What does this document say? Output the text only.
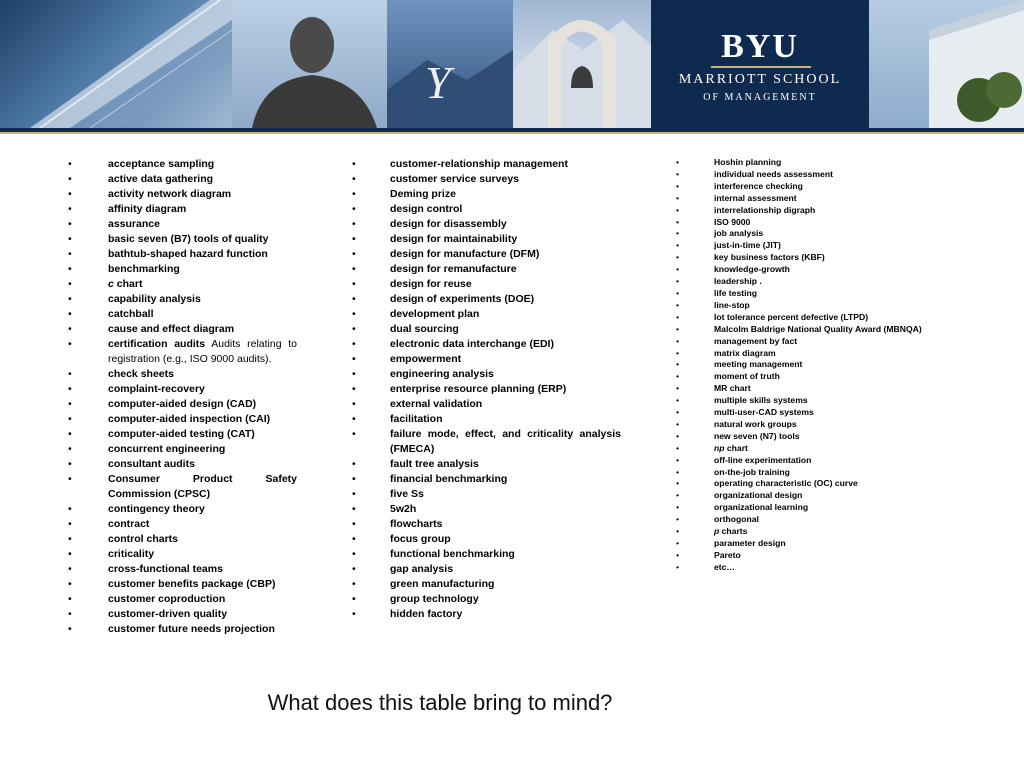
Y
BYU
MARRIOTT SCHOOL
OF MANAGEMENT
• acceptance sampling
• active data gathering
• activity network diagram
• affinity diagram
• assurance
• basic seven (B7) tools of quality
• bathtub-shaped hazard function
• benchmarking
• c chart
• capability analysis
• catchball
• cause and effect diagram
• certification audits Audits relating to registration (e.g., ISO 9000 audits).
• check sheets
• complaint-recovery
• computer-aided design (CAD)
• computer-aided inspection (CAI)
• computer-aided testing (CAT)
• concurrent engineering
• consultant audits
• Consumer Product Safety Commission (CPSC)
• contingency theory
• contract
• control charts
• criticality
• cross-functional teams
• customer benefits package (CBP)
• customer coproduction
• customer-driven quality
• customer future needs projection
• customer-relationship management
• customer service surveys
• Deming prize
• design control
• design for disassembly
• design for maintainability
• design for manufacture (DFM)
• design for remanufacture
• design for reuse
• design of experiments (DOE)
• development plan
• dual sourcing
• electronic data interchange (EDI)
• empowerment
• engineering analysis
• enterprise resource planning (ERP)
• external validation
• facilitation
• failure mode, effect, and criticality analysis (FMECA)
• fault tree analysis
• financial benchmarking
• five Ss
• 5w2h
• flowcharts
• focus group
• functional benchmarking
• gap analysis
• green manufacturing
• group technology
• hidden factory
• Hoshin planning
• individual needs assessment
• interference checking
• internal assessment
• interrelationship digraph
• ISO 9000
• job analysis
• just-in-time (JIT)
• key business factors (KBF)
• knowledge-growth
• leadership .
• life testing
• line-stop
• lot tolerance percent defective (LTPD)
• Malcolm Baldrige National Quality Award (MBNQA)
• management by fact
• matrix diagram
• meeting management
• moment of truth
• MR chart
• multiple skills systems
• multi-user-CAD systems
• natural work groups
• new seven (N7) tools
• np chart
• off-line experimentation
• on-the-job training
• operating characteristic (OC) curve
• organizational design
• organizational learning
• orthogonal
• p charts
• parameter design
• Pareto
• etc…
What does this table bring to mind?
